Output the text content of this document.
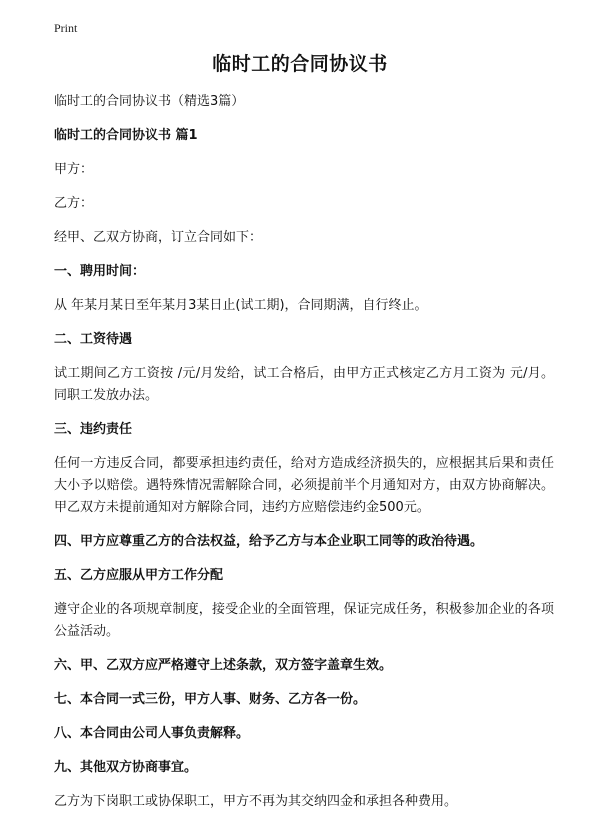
Print
临时工的合同协议书

临时工的合同协议书（精选3篇）

临时工的合同协议书 篇1

甲方：

乙方：

经甲、乙双方协商，订立合同如下：

一、聘用时间：

从 年某月某日至年某月3某日止(试工期)，合同期满，自行终止。

二、工资待遇

试工期间乙方工资按 /元/月发给，试工合格后，由甲方正式核定乙方月工资为 元/月。同职工发放办法。

三、违约责任

任何一方违反合同，都要承担违约责任，给对方造成经济损失的，应根据其后果和责任大小予以赔偿。遇特殊情况需解除合同，必须提前半个月通知对方，由双方协商解决。甲乙双方未提前通知对方解除合同，违约方应赔偿违约金500元。

四、甲方应尊重乙方的合法权益，给予乙方与本企业职工同等的政治待遇。

五、乙方应服从甲方工作分配

遵守企业的各项规章制度，接受企业的全面管理，保证完成任务，积极参加企业的各项公益活动。

六、甲、乙双方应严格遵守上述条款，双方签字盖章生效。

七、本合同一式三份，甲方人事、财务、乙方各一份。

八、本合同由公司人事负责解释。

九、其他双方协商事宜。

乙方为下岗职工或协保职工，甲方不再为其交纳四金和承担各种费用。
